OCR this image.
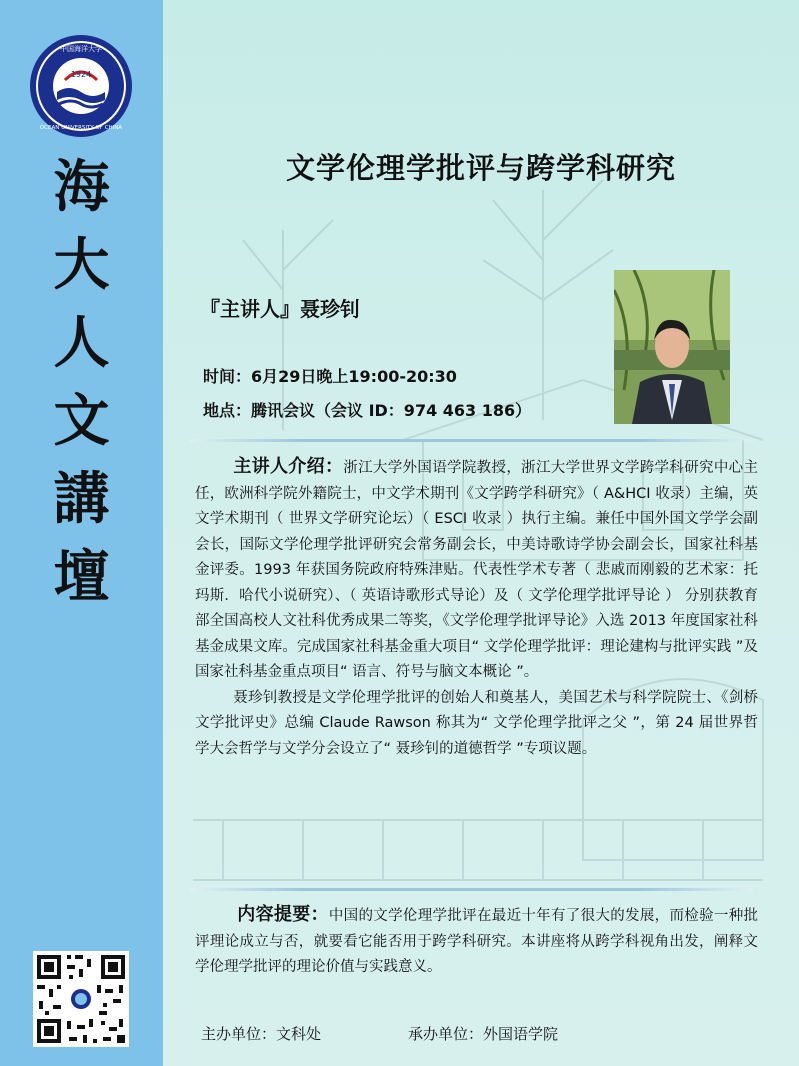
1924
中国海洋大学
OCEAN UNIVERSITY OF CHINA
海
大
人
文
講
壇
文学伦理学批评与跨学科研究
『主讲人』聂珍钊
时间：6月29日晚上19:00-20:30
地点：腾讯会议（会议 ID：974 463 186）
主讲人介绍：浙江大学外国语学院教授，浙江大学世界文学跨学科研究中心主任，欧洲科学院外籍院士，中文学术期刊《文学跨学科研究》（ A&HCI 收录）主编，英文学术期刊（ 世界文学研究论坛）（ ESCI 收录 ）执行主编。兼任中国外国文学学会副会长，国际文学伦理学批评研究会常务副会长，中美诗歌诗学协会副会长，国家社科基金评委。1993 年获国务院政府特殊津贴。代表性学术专著（ 悲戚而刚毅的艺术家：托玛斯．哈代小说研究）、（ 英语诗歌形式导论）及（ 文学伦理学批评导论 ） 分别获教育部全国高校人文社科优秀成果二等奖，《文学伦理学批评导论》入选 2013 年度国家社科基金成果文库。完成国家社科基金重大项目“ 文学伦理学批评：理论建构与批评实践 ”及国家社科基金重点项目“ 语言、符号与脑文本概论 ”。
聂珍钊教授是文学伦理学批评的创始人和奠基人，美国艺术与科学院院士、《剑桥文学批评史》总编 Claude Rawson 称其为“ 文学伦理学批评之父 ”，第 24 届世界哲学大会哲学与文学分会设立了“ 聂珍钊的道德哲学 ”专项议题。
内容提要：中国的文学伦理学批评在最近十年有了很大的发展，而检验一种批评理论成立与否，就要看它能否用于跨学科研究。本讲座将从跨学科视角出发，阐释文学伦理学批评的理论价值与实践意义。
主办单位：文科处	承办单位：外国语学院
